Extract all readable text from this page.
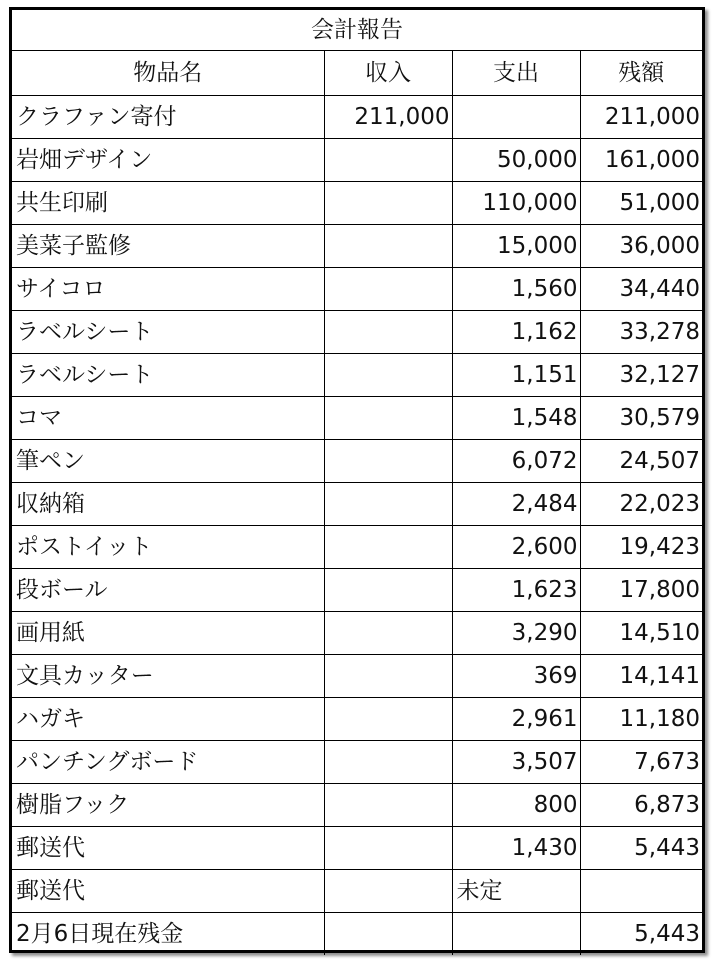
会計報告			
物品名	収入	支出	残額
クラファン寄付	211,000		211,000
岩畑デザイン		50,000	161,000
共生印刷		110,000	51,000
美菜子監修		15,000	36,000
サイコロ		1,560	34,440
ラベルシート		1,162	33,278
ラベルシート		1,151	32,127
コマ		1,548	30,579
筆ペン		6,072	24,507
収納箱		2,484	22,023
ポストイット		2,600	19,423
段ボール		1,623	17,800
画用紙		3,290	14,510
文具カッター		369	14,141
ハガキ		2,961	11,180
パンチングボード		3,507	7,673
樹脂フック		800	6,873
郵送代		1,430	5,443
郵送代		未定	
2月6日現在残金			5,443
